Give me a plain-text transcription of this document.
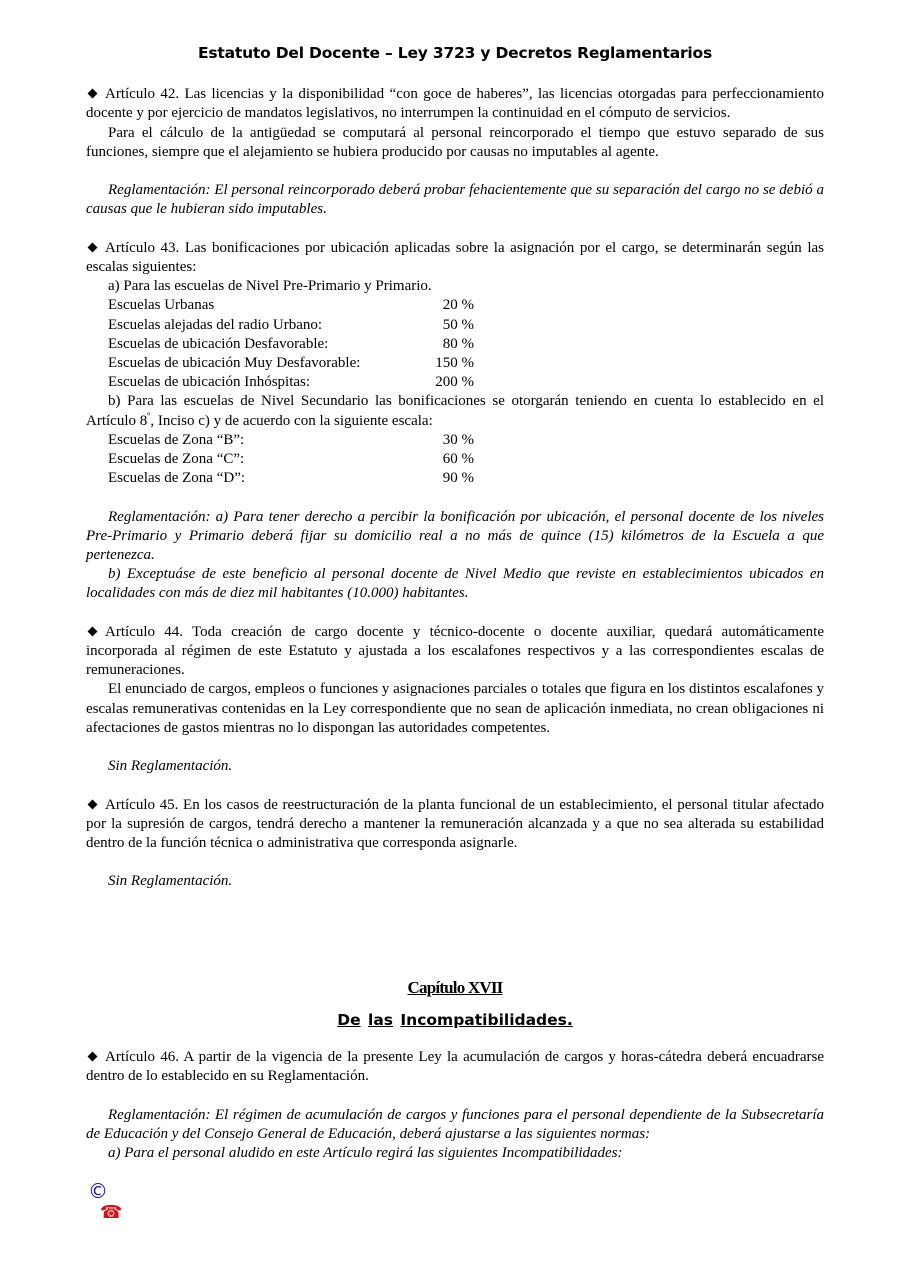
Estatuto Del Docente – Ley 3723 y Decretos Reglamentarios

Artículo 42. Las licencias y la disponibilidad “con goce de haberes”, las licencias otorgadas para perfeccionamiento docente y por ejercicio de mandatos legislativos, no interrumpen la continuidad en el cómputo de servicios.

Para el cálculo de la antigüedad se computará al personal reincorporado el tiempo que estuvo separado de sus funciones, siempre que el alejamiento se hubiera producido por causas no imputables al agente.

Reglamentación: El personal reincorporado deberá probar fehacientemente que su separación del cargo no se debió a causas que le hubieran sido imputables.

Artículo 43. Las bonificaciones por ubicación aplicadas sobre la asignación por el cargo, se determinarán según las escalas siguientes:

a) Para las escuelas de Nivel Pre-Primario y Primario.

Escuelas Urbanas	20 %
Escuelas alejadas del radio Urbano:	50 %
Escuelas de ubicación Desfavorable:	80 %
Escuelas de ubicación Muy Desfavorable:	150 %
Escuelas de ubicación Inhóspitas:	200 %

b) Para las escuelas de Nivel Secundario las bonificaciones se otorgarán teniendo en cuenta lo establecido en el Artículo $8^º$, Inciso c) y de acuerdo con la siguiente escala:

Escuelas de Zona “B”:	30 %
Escuelas de Zona “C”:	60 %
Escuelas de Zona “D”:	90 %

Reglamentación: a) Para tener derecho a percibir la bonificación por ubicación, el personal docente de los niveles Pre-Primario y Primario deberá fijar su domicilio real a no más de quince (15) kilómetros de la Escuela a que pertenezca.

b) Exceptuáse de este beneficio al personal docente de Nivel Medio que reviste en establecimientos ubicados en localidades con más de diez mil habitantes (10.000) habitantes.

Artículo 44. Toda creación de cargo docente y técnico-docente o docente auxiliar, quedará automáticamente incorporada al régimen de este Estatuto y ajustada a los escalafones respectivos y a las correspondientes escalas de remuneraciones.

El enunciado de cargos, empleos o funciones y asignaciones parciales o totales que figura en los distintos escalafones y escalas remunerativas contenidas en la Ley correspondiente que no sean de aplicación inmediata, no crean obligaciones ni afectaciones de gastos mientras no lo dispongan las autoridades competentes.

Sin Reglamentación.

Artículo 45. En los casos de reestructuración de la planta funcional de un establecimiento, el personal titular afectado por la supresión de cargos, tendrá derecho a mantener la remuneración alcanzada y a que no sea alterada su estabilidad dentro de la función técnica o administrativa que corresponda asignarle.

Sin Reglamentación.

Capítulo XVII
De las Incompatibilidades.

Artículo 46. A partir de la vigencia de la presente Ley la acumulación de cargos y horas-cátedra deberá encuadrarse dentro de lo establecido en su Reglamentación.

Reglamentación: El régimen de acumulación de cargos y funciones para el personal dependiente de la Subsecretaría de Educación y del Consejo General de Educación, deberá ajustarse a las siguientes normas:

a) Para el personal aludido en este Artículo regirá las siguientes Incompatibilidades:

©
☎
